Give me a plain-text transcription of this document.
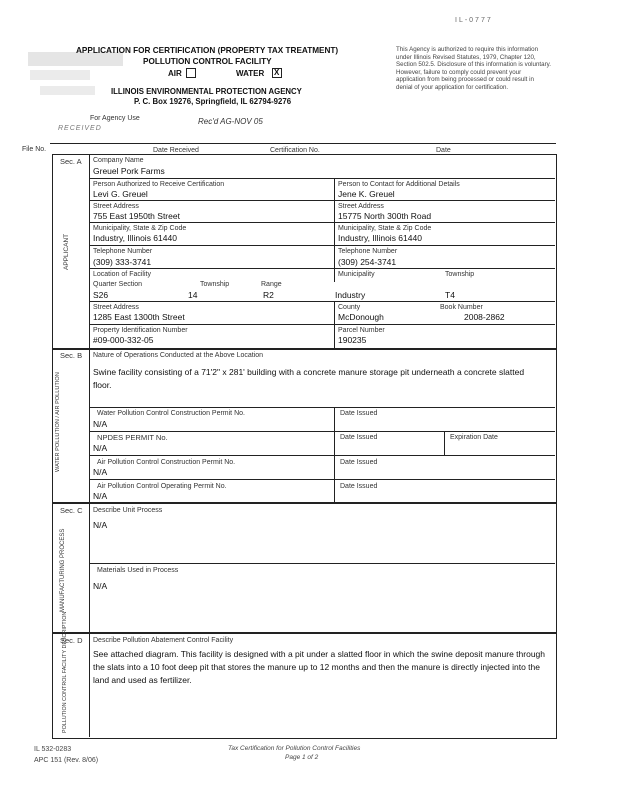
IL-0777
APPLICATION FOR CERTIFICATION (PROPERTY TAX TREATMENT)
POLLUTION CONTROL FACILITY
AIR	WATER X
ILLINOIS ENVIRONMENTAL PROTECTION AGENCY
P. C. Box 19276, Springfield, IL 62794-9276
This Agency is authorized to require this information under Illinois Revised Statutes, 1979, Chapter 120, Section 502.5. Disclosure of this information is voluntary. However, failure to comply could prevent your application from being processed or could result in denial of your application for certification.
For Agency Use
RECEIVED
Rec'd AG-NOV 05
File No.	Date Received	Certification No.	Date
Sec. A
APPLICANT
Company Name
Greuel Pork Farms
Person Authorized to Receive Certification
Levi G. Greuel
Person to Contact for Additional Details
Jene K. Greuel
Street Address
755 East 1950th Street
Street Address
15775 North 300th Road
Municipality, State & Zip Code
Industry, Illinois 61440
Municipality, State & Zip Code
Industry, Illinois 61440
Telephone Number
(309) 333-3741
Telephone Number
(309) 254-3741
Location of Facility
Quarter Section	Township	Range
Municipality	Township
S26	14	R2	Industry	T4
Street Address
1285 East 1300th Street
County
McDonough
Book Number
2008-2862
Property Identification Number
#09-000-332-05
Parcel Number
190235
Sec. B
WATER POLLUTION / AIR POLLUTION
Nature of Operations Conducted at the Above Location
Swine facility consisting of a 71'2" x 281' building with a concrete manure storage pit underneath a concrete slatted floor.
Water Pollution Control Construction Permit No.
N/A
Date Issued
NPDES PERMIT No.
N/A
Date Issued	Expiration Date
Air Pollution Control Construction Permit No.
N/A
Date Issued
Air Pollution Control Operating Permit No.
N/A
Date Issued
Sec. C
MANUFACTURING PROCESS
Describe Unit Process
N/A
Materials Used in Process
N/A
Sec. D
POLLUTION CONTROL FACILITY DESCRIPTION	Describe Pollution Abatement Control Facility
See attached diagram. This facility is designed with a pit under a slatted floor in which the swine deposit manure through the slats into a 10 foot deep pit that stores the manure up to 12 months and then the manure is directly injected into the land and used as fertilizer.
IL 532-0283
APC 151 (Rev. 8/06)
Tax Certification for Pollution Control Facilities
Page 1 of 2
